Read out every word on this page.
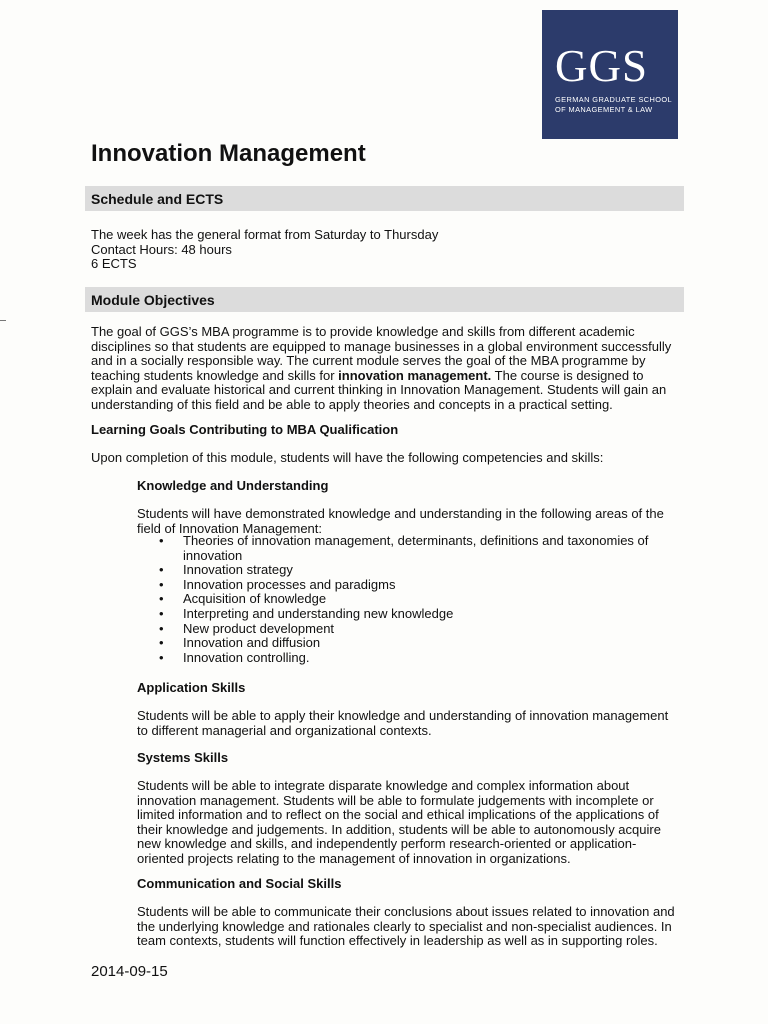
GGS
GERMAN GRADUATE SCHOOL
OF MANAGEMENT & LAW
Innovation Management
Schedule and ECTS
The week has the general format from Saturday to Thursday
Contact Hours: 48 hours
6 ECTS
Module Objectives
The goal of GGS’s MBA programme is to provide knowledge and skills from different academic
disciplines so that students are equipped to manage businesses in a global environment successfully
and in a socially responsible way. The current module serves the goal of the MBA programme by
teaching students knowledge and skills for innovation management. The course is designed to
explain and evaluate historical and current thinking in Innovation Management. Students will gain an
understanding of this field and be able to apply theories and concepts in a practical setting.
Learning Goals Contributing to MBA Qualification
Upon completion of this module, students will have the following competencies and skills:
Knowledge and Understanding
Students will have demonstrated knowledge and understanding in the following areas of the
field of Innovation Management:
• Theories of innovation management, determinants, definitions and taxonomies of innovation
• Innovation strategy
• Innovation processes and paradigms
• Acquisition of knowledge
• Interpreting and understanding new knowledge
• New product development
• Innovation and diffusion
• Innovation controlling.
Application Skills
Students will be able to apply their knowledge and understanding of innovation management
to different managerial and organizational contexts.
Systems Skills
Students will be able to integrate disparate knowledge and complex information about
innovation management. Students will be able to formulate judgements with incomplete or
limited information and to reflect on the social and ethical implications of the applications of
their knowledge and judgements. In addition, students will be able to autonomously acquire
new knowledge and skills, and independently perform research-oriented or application-
oriented projects relating to the management of innovation in organizations.
Communication and Social Skills
Students will be able to communicate their conclusions about issues related to innovation and
the underlying knowledge and rationales clearly to specialist and non-specialist audiences. In
team contexts, students will function effectively in leadership as well as in supporting roles.
2014-09-15
